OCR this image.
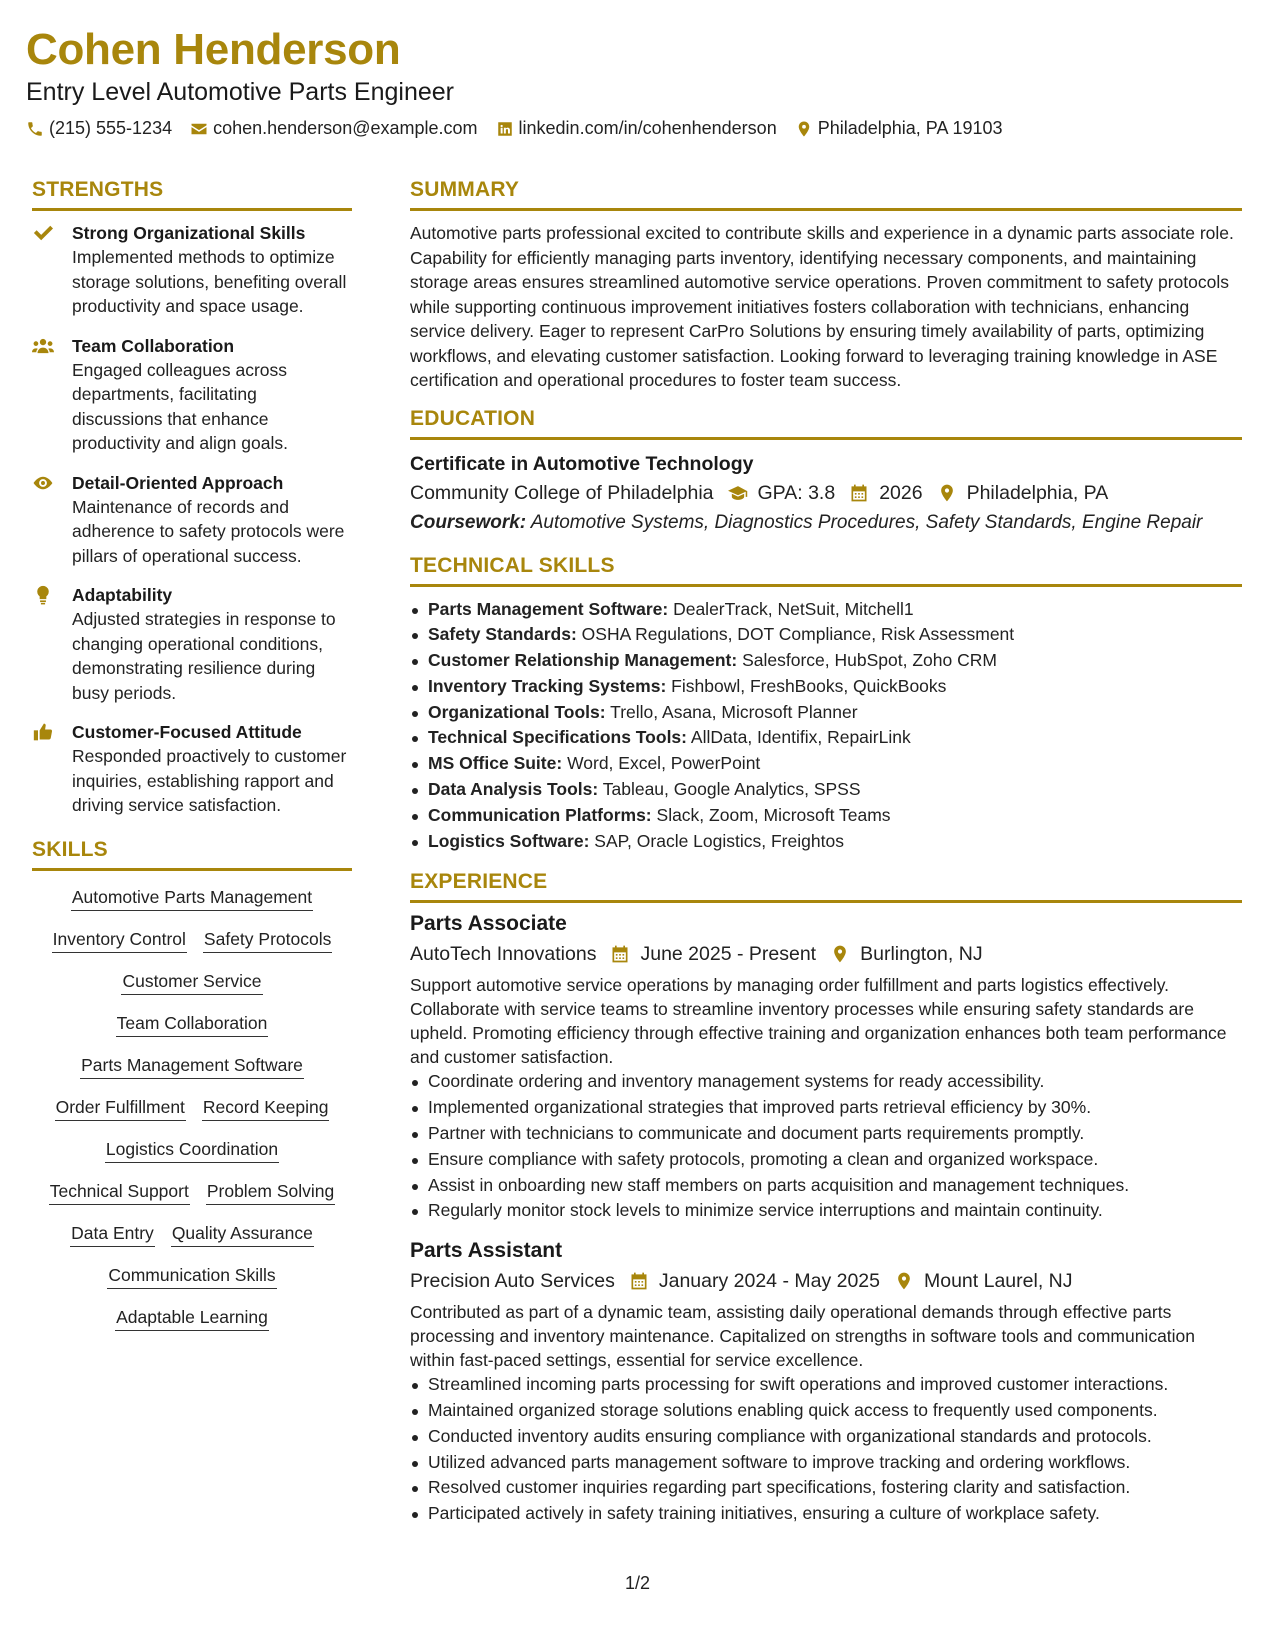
Cohen Henderson
Entry Level Automotive Parts Engineer
(215) 555-1234 cohen.henderson@example.com linkedin.com/in/cohenhenderson Philadelphia, PA 19103
STRENGTHS
Strong Organizational Skills
Implemented methods to optimize storage solutions, benefiting overall productivity and space usage.
Team Collaboration
Engaged colleagues across departments, facilitating discussions that enhance productivity and align goals.
Detail-Oriented Approach
Maintenance of records and adherence to safety protocols were pillars of operational success.
Adaptability
Adjusted strategies in response to changing operational conditions, demonstrating resilience during busy periods.
Customer-Focused Attitude
Responded proactively to customer inquiries, establishing rapport and driving service satisfaction.
SKILLS
Automotive Parts Management
Inventory Control Safety Protocols
Customer Service
Team Collaboration
Parts Management Software
Order Fulfillment Record Keeping
Logistics Coordination
Technical Support Problem Solving
Data Entry Quality Assurance
Communication Skills
Adaptable Learning
SUMMARY
Automotive parts professional excited to contribute skills and experience in a dynamic parts associate role. Capability for efficiently managing parts inventory, identifying necessary components, and maintaining storage areas ensures streamlined automotive service operations. Proven commitment to safety protocols while supporting continuous improvement initiatives fosters collaboration with technicians, enhancing service delivery. Eager to represent CarPro Solutions by ensuring timely availability of parts, optimizing workflows, and elevating customer satisfaction. Looking forward to leveraging training knowledge in ASE certification and operational procedures to foster team success.
EDUCATION
Certificate in Automotive Technology
Community College of Philadelphia GPA: 3.8 2026 Philadelphia, PA
Coursework: Automotive Systems, Diagnostics Procedures, Safety Standards, Engine Repair
TECHNICAL SKILLS
Parts Management Software: DealerTrack, NetSuit, Mitchell1
Safety Standards: OSHA Regulations, DOT Compliance, Risk Assessment
Customer Relationship Management: Salesforce, HubSpot, Zoho CRM
Inventory Tracking Systems: Fishbowl, FreshBooks, QuickBooks
Organizational Tools: Trello, Asana, Microsoft Planner
Technical Specifications Tools: AllData, Identifix, RepairLink
MS Office Suite: Word, Excel, PowerPoint
Data Analysis Tools: Tableau, Google Analytics, SPSS
Communication Platforms: Slack, Zoom, Microsoft Teams
Logistics Software: SAP, Oracle Logistics, Freightos
EXPERIENCE
Parts Associate
AutoTech Innovations June 2025 - Present Burlington, NJ
Support automotive service operations by managing order fulfillment and parts logistics effectively. Collaborate with service teams to streamline inventory processes while ensuring safety standards are upheld. Promoting efficiency through effective training and organization enhances both team performance and customer satisfaction.
Coordinate ordering and inventory management systems for ready accessibility.
Implemented organizational strategies that improved parts retrieval efficiency by 30%.
Partner with technicians to communicate and document parts requirements promptly.
Ensure compliance with safety protocols, promoting a clean and organized workspace.
Assist in onboarding new staff members on parts acquisition and management techniques.
Regularly monitor stock levels to minimize service interruptions and maintain continuity.
Parts Assistant
Precision Auto Services January 2024 - May 2025 Mount Laurel, NJ
Contributed as part of a dynamic team, assisting daily operational demands through effective parts processing and inventory maintenance. Capitalized on strengths in software tools and communication within fast-paced settings, essential for service excellence.
Streamlined incoming parts processing for swift operations and improved customer interactions.
Maintained organized storage solutions enabling quick access to frequently used components.
Conducted inventory audits ensuring compliance with organizational standards and protocols.
Utilized advanced parts management software to improve tracking and ordering workflows.
Resolved customer inquiries regarding part specifications, fostering clarity and satisfaction.
Participated actively in safety training initiatives, ensuring a culture of workplace safety.
1/2
